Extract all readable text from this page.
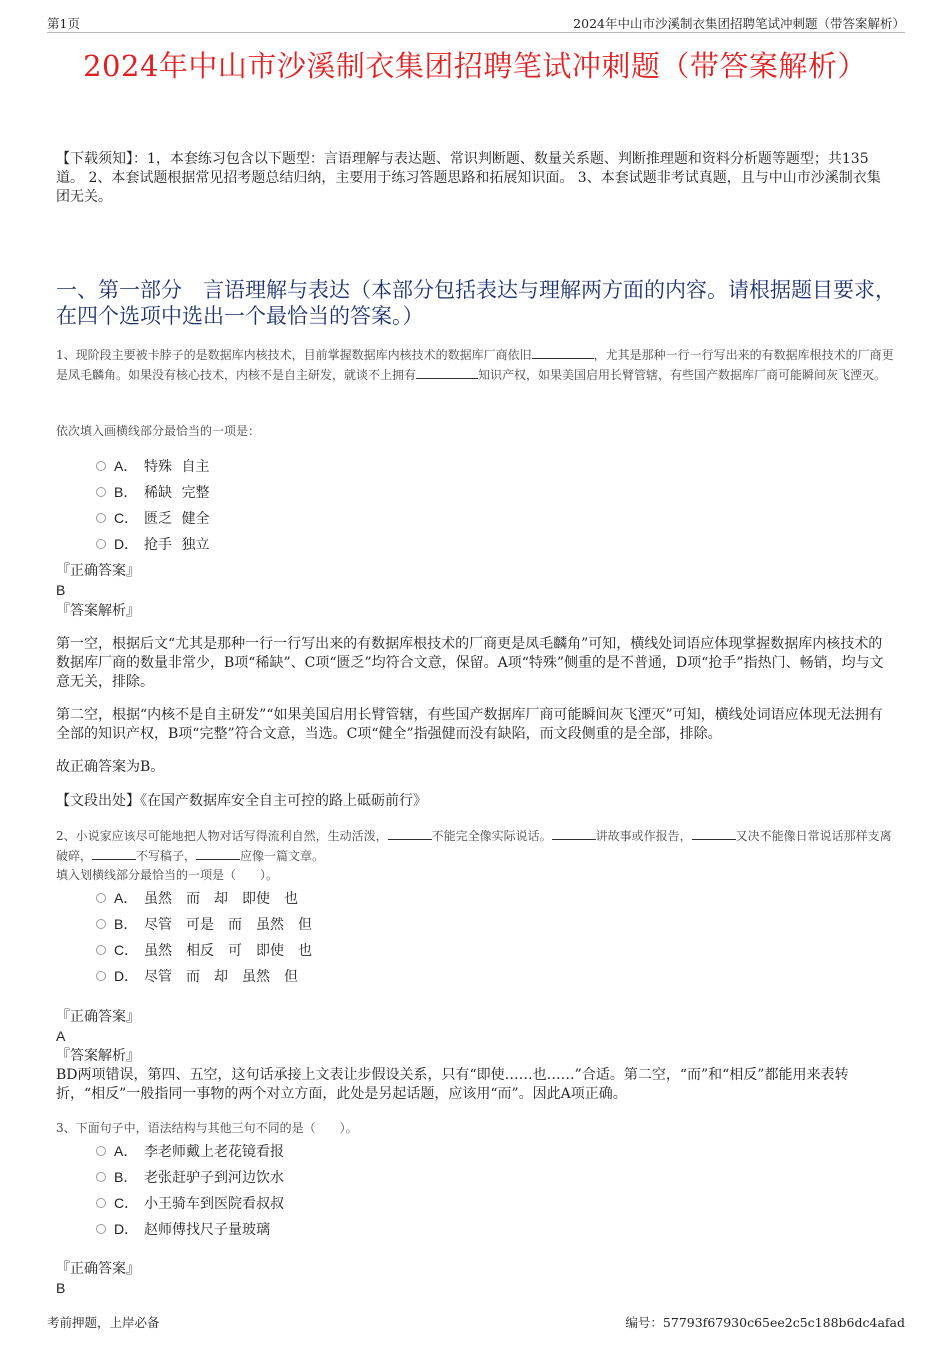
第1页	2024年中山市沙溪制衣集团招聘笔试冲刺题（带答案解析）
2024年中山市沙溪制衣集团招聘笔试冲刺题（带答案解析）
【下载须知】：1，本套练习包含以下题型：言语理解与表达题、常识判断题、数量关系题、判断推理题和资料分析题等题型；共135道。 2、本套试题根据常见招考题总结归纳，主要用于练习答题思路和拓展知识面。 3、本套试题非考试真题，且与中山市沙溪制衣集团无关。
一、第一部分　言语理解与表达（本部分包括表达与理解两方面的内容。请根据题目要求，在四个选项中选出一个最恰当的答案。）
1、现阶段主要被卡脖子的是数据库内核技术，目前掌握数据库内核技术的数据库厂商依旧	，尤其是那种一行一行写出来的有数据库根技术的厂商更是凤毛麟角。如果没有核心技术，内核不是自主研发，就谈不上拥有	知识产权，如果美国启用长臂管辖，有些国产数据库厂商可能瞬间灰飞湮灭。
依次填入画横线部分最恰当的一项是：
A． 特殊 自主
B． 稀缺 完整
C． 匮乏 健全
D． 抢手 独立
『正确答案』
B
『答案解析』
第一空，根据后文“尤其是那种一行一行写出来的有数据库根技术的厂商更是凤毛麟角”可知，横线处词语应体现掌握数据库内核技术的数据库厂商的数量非常少，B项“稀缺”、C项“匮乏”均符合文意，保留。A项“特殊”侧重的是不普通，D项“抢手”指热门、畅销，均与文意无关，排除。
第二空，根据“内核不是自主研发”“如果美国启用长臂管辖，有些国产数据库厂商可能瞬间灰飞湮灭”可知，横线处词语应体现无法拥有全部的知识产权，B项“完整”符合文意，当选。C项“健全”指强健而没有缺陷，而文段侧重的是全部，排除。
故正确答案为B。
【文段出处】《在国产数据库安全自主可控的路上砥砺前行》
2、小说家应该尽可能地把人物对话写得流利自然，生动活泼，	不能完全像实际说话。	讲故事或作报告，	又决不能像日常说话那样支离破碎，	不写稿子，	应像一篇文章。
填入划横线部分最恰当的一项是（　　）。
A． 虽然　而　却　即使　也
B． 尽管　可是　而　虽然　但
C． 虽然　相反　可　即使　也
D． 尽管　而　却　虽然　但
『正确答案』
A
『答案解析』
BD两项错误，第四、五空，这句话承接上文表让步假设关系，只有“即使……也……”合适。第二空，“而”和“相反”都能用来表转折，“相反”一般指同一事物的两个对立方面，此处是另起话题，应该用“而”。因此A项正确。
3、下面句子中，语法结构与其他三句不同的是（　　）。
A． 李老师戴上老花镜看报
B． 老张赶驴子到河边饮水
C． 小王骑车到医院看叔叔
D． 赵师傅找尺子量玻璃
『正确答案』
B
考前押题，上岸必备	编号：57793f67930c65ee2c5c188b6dc4afad
